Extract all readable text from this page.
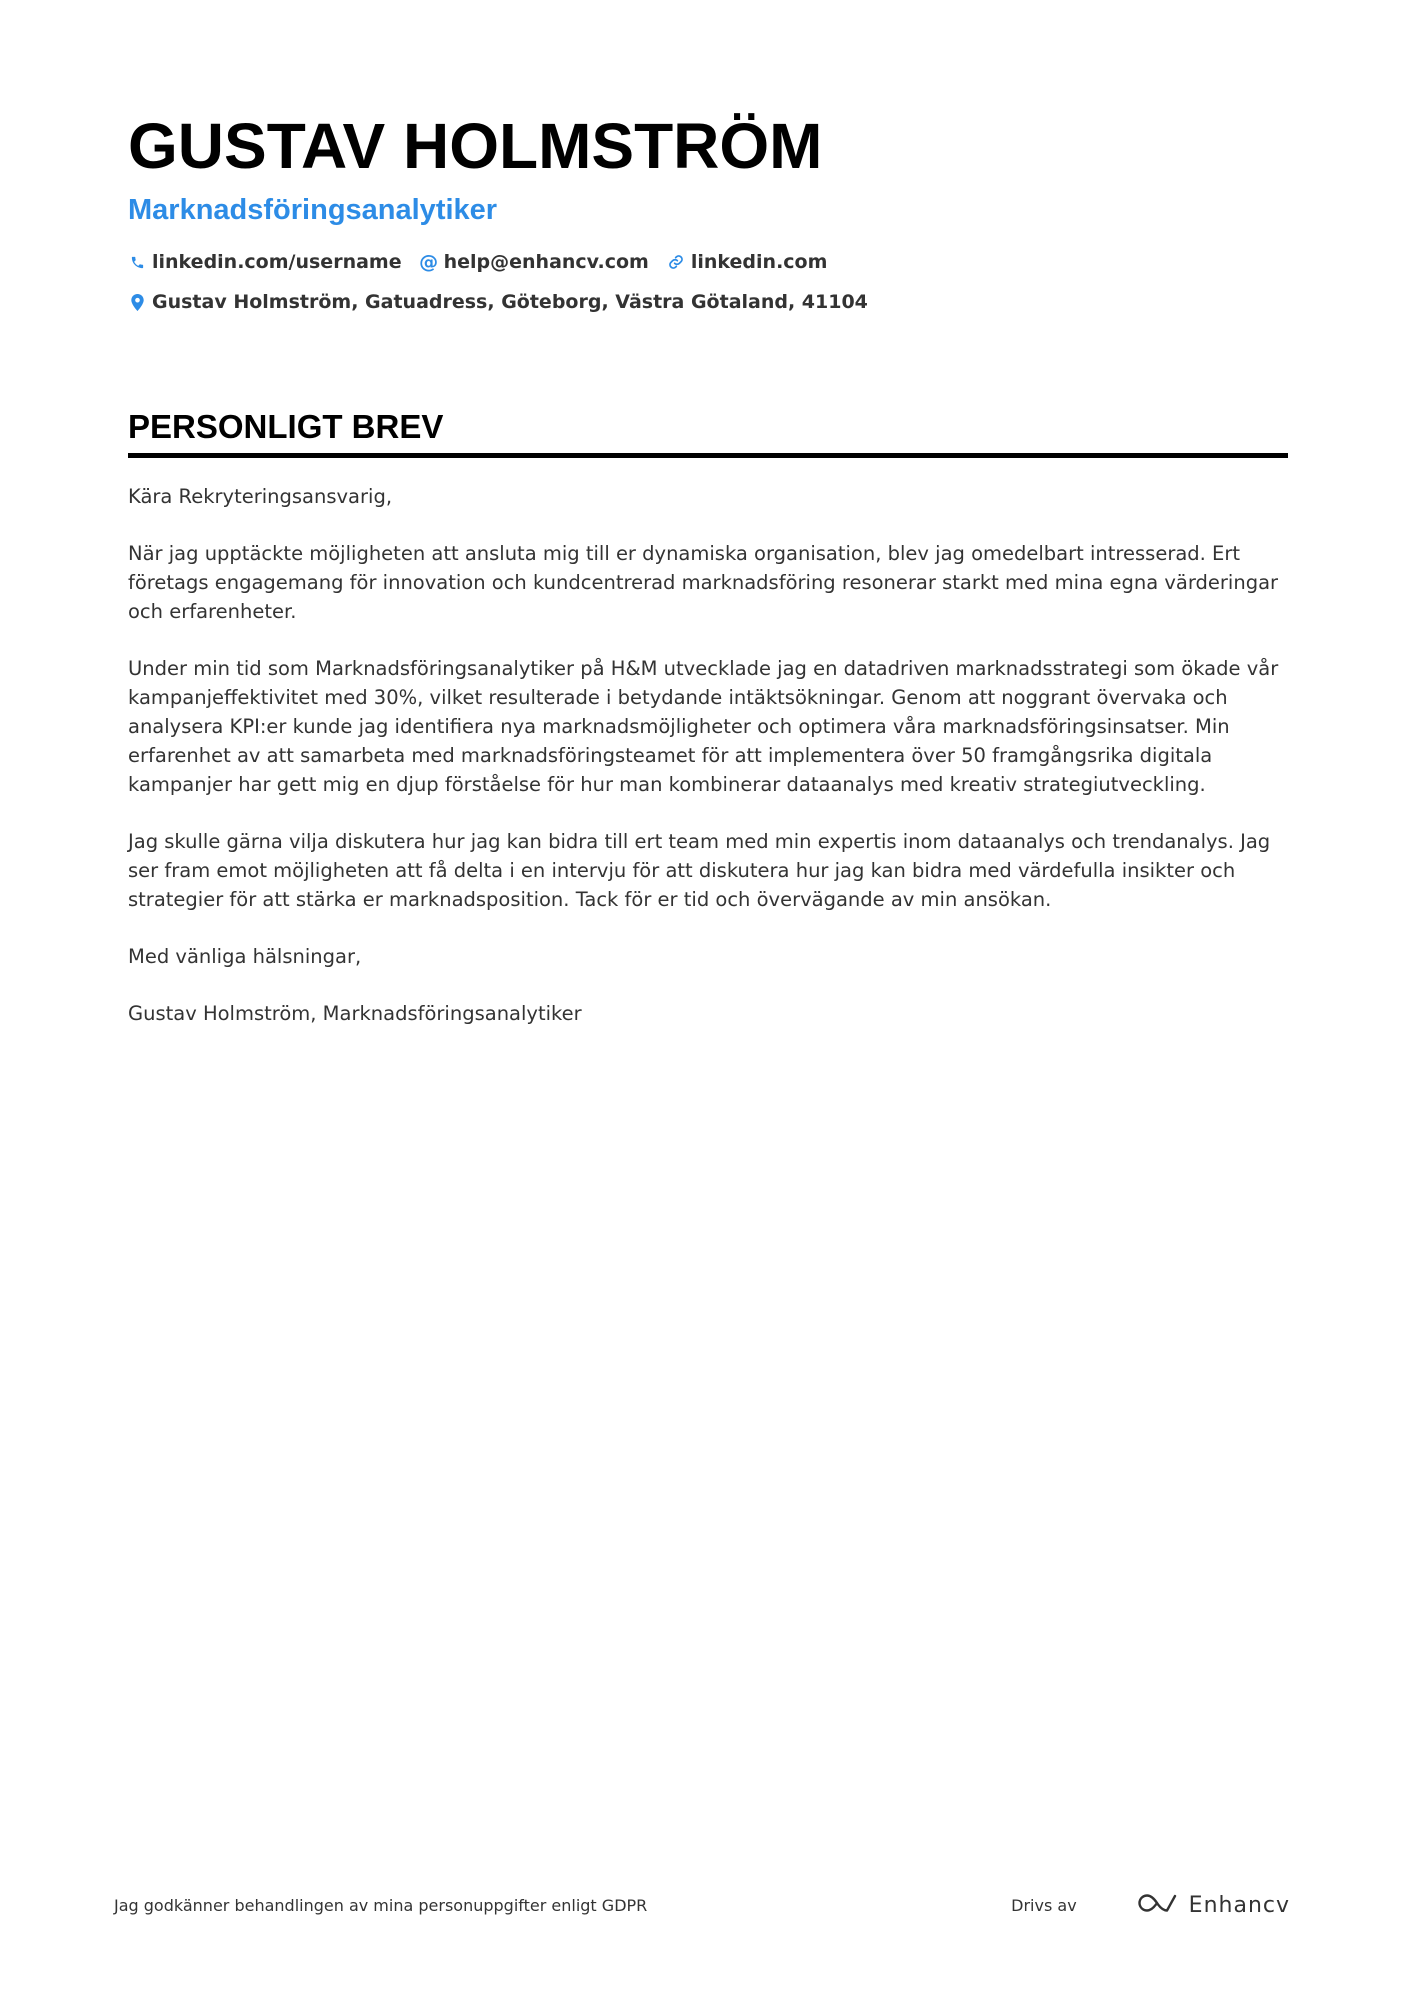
GUSTAV HOLMSTRÖM
Marknadsföringsanalytiker
linkedin.com/username @ help@enhancv.com linkedin.com
Gustav Holmström, Gatuadress, Göteborg, Västra Götaland, 41104
PERSONLIGT BREV

Kära Rekryteringsansvarig,

När jag upptäckte möjligheten att ansluta mig till er dynamiska organisation, blev jag omedelbart intresserad. Ert företags engagemang för innovation och kundcentrerad marknadsföring resonerar starkt med mina egna värderingar och erfarenheter.

Under min tid som Marknadsföringsanalytiker på H&M utvecklade jag en datadriven marknadsstrategi som ökade vår kampanjeffektivitet med 30%, vilket resulterade i betydande intäktsökningar. Genom att noggrant övervaka och analysera KPI:er kunde jag identifiera nya marknadsmöjligheter och optimera våra marknadsföringsinsatser. Min erfarenhet av att samarbeta med marknadsföringsteamet för att implementera över 50 framgångsrika digitala kampanjer har gett mig en djup förståelse för hur man kombinerar dataanalys med kreativ strategiutveckling.

Jag skulle gärna vilja diskutera hur jag kan bidra till ert team med min expertis inom dataanalys och trendanalys. Jag ser fram emot möjligheten att få delta i en intervju för att diskutera hur jag kan bidra med värdefulla insikter och strategier för att stärka er marknadsposition. Tack för er tid och övervägande av min ansökan.

Med vänliga hälsningar,

Gustav Holmström, Marknadsföringsanalytiker

Jag godkänner behandlingen av mina personuppgifter enligt GDPR	Drivs av	Enhancv
